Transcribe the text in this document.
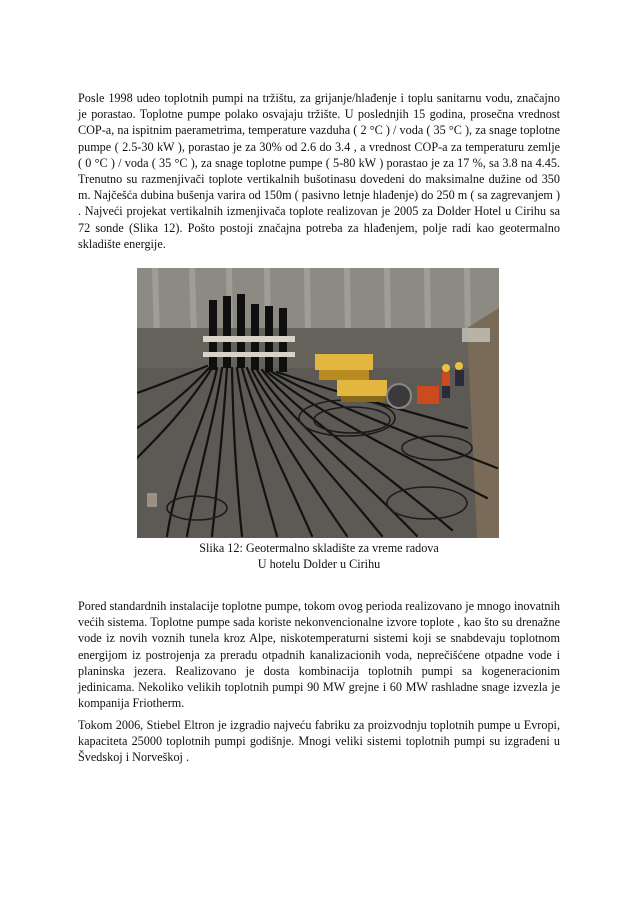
Posle 1998 udeo toplotnih pumpi na tržištu, za grijanje/hlađenje i toplu sanitarnu vodu, značajno je porastao. Toplotne pumpe polako osvajaju tržište. U poslednjih 15 godina, prosečna vrednost COP-a, na ispitnim paerametrima, temperature vazduha ( 2 °C ) / voda ( 35 °C ), za snage toplotne pumpe ( 2.5-30 kW ), porastao je za 30% od 2.6 do 3.4 , a vrednost COP-a za temperaturu zemlje ( 0 °C ) / voda ( 35 °C ), za snage toplotne pumpe ( 5-80 kW ) porastao je za 17 %, sa 3.8 na 4.45. Trenutno su razmenjivači toplote vertikalnih bušotinasu dovedeni do maksimalne dužine od 350 m. Najčešća dubina bušenja varira od 150m ( pasivno letnje hlađenje) do 250 m ( sa zagrevanjem ) . Najveći projekat vertikalnih izmenjivača toplote realizovan je 2005 za Dolder Hotel u Cirihu sa 72 sonde (Slika 12). Pošto postoji značajna potreba za hlađenjem, polje radi kao geotermalno skladište energije.

Slika 12: Geotermalno skladište za vreme radova

U hotelu Dolder u Cirihu

Pored standardnih instalacije toplotne pumpe, tokom ovog perioda realizovano je mnogo inovatnih većih sistema. Toplotne pumpe sada koriste nekonvencionalne izvore toplote , kao što su drenažne vode iz novih voznih tunela kroz Alpe, niskotemperaturni sistemi koji se snabdevaju toplotnom energijom iz postrojenja za preradu otpadnih kanalizacionih voda, neprečišćene otpadne vode i planinska jezera. Realizovano je dosta kombinacija toplotnih pumpi sa kogeneracionim jedinicama. Nekoliko velikih toplotnih pumpi 90 MW grejne i 60 MW rashladne snage izvezla je kompanija Friotherm.

Tokom 2006, Stiebel Eltron je izgradio najveću fabriku za proizvodnju toplotnih pumpe u Evropi, kapaciteta 25000 toplotnih pumpi godišnje. Mnogi veliki sistemi toplotnih pumpi su izgrađeni u Švedskoj i Norveškoj .
